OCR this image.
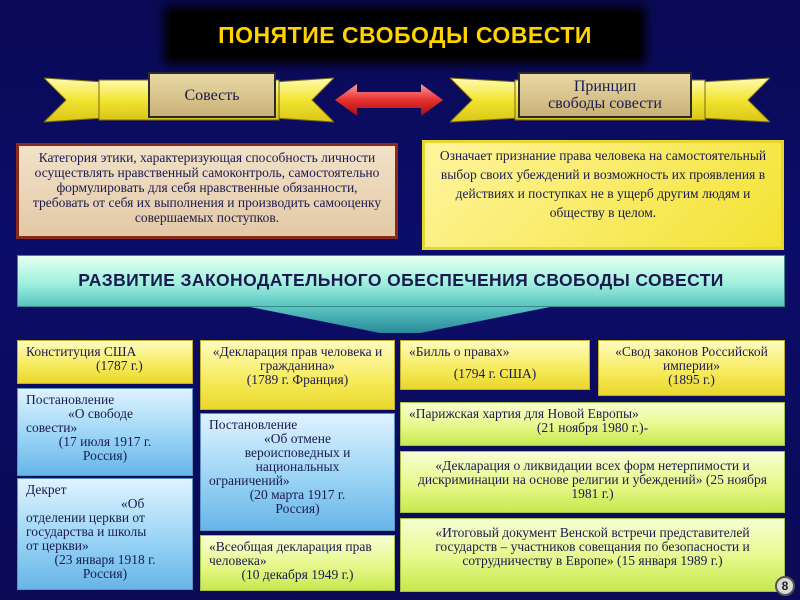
ПОНЯТИЕ СВОБОДЫ СОВЕСТИ
Совесть	Принцип
свободы совести
Категория этики, характеризующая способность личности осуществлять нравственный самоконтроль, самостоятельно формулировать для себя нравственные обязанности, требовать от себя их выполнения и производить самооценку совершаемых поступков.
Означает признание права человека на самостоятельный выбор своих убеждений и возможность их проявления в действиях и поступках не в ущерб другим людям и обществу в целом.
РАЗВИТИЕ ЗАКОНОДАТЕЛЬНОГО ОБЕСПЕЧЕНИЯ СВОБОДЫ СОВЕСТИ
Конституция США
(1787 г.)
«Декларация прав человека и гражданина»
(1789 г. Франция)
«Билль о правах»
(1794 г. США)
«Свод законов Российской империи»
(1895 г.)
Постановление
«О свободе
совести»
(17 июля 1917 г.
Россия)
Декрет
«Об
отделении церкви от
государства и школы
от церкви»
(23 января 1918 г.
Россия)
Постановление
«Об отмене
вероисповедных и
национальных
ограничений»
(20 марта 1917 г.
Россия)
«Всеобщая декларация прав человека»
(10 декабря 1949 г.)
«Парижская хартия для Новой Европы»
(21 ноября 1980 г.)-
«Декларация о ликвидации всех форм нетерпимости и дискриминации на основе религии и убеждений» (25 ноября 1981 г.)
«Итоговый документ Венской встречи представителей государств – участников совещания по безопасности и сотрудничеству в Европе» (15 января 1989 г.)
8
